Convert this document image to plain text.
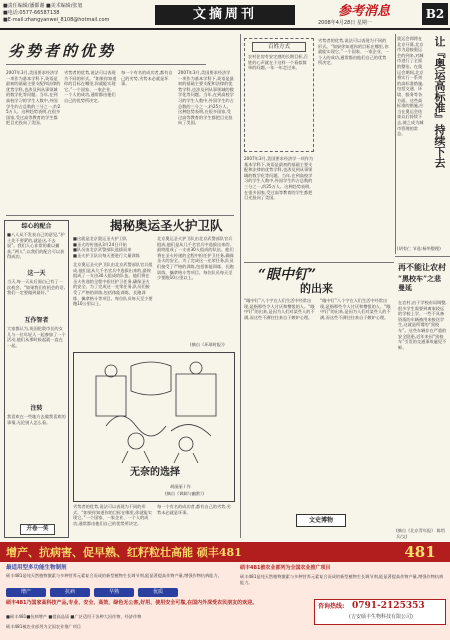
■责任编辑/潘都谢 ■美术编辑/张旭
■电话:0577-66587138
■E-mail:zhangyanwei_8108@hotmail.com	文摘周刊	参考消息
2008年4月28日 星期一
B2
劣势者的优势
2007年3月,美国要求经济学一项作为基本学科下,英语是最初的基础主要支配和法律的优势学科,也涉及到从事领域的数学化等问题。当年,在到高校学习的学生人数中,外国学生约占总数的三分之一,约25万人。这种趋势表明,在很多国家,受过高等教育的学生都把目光投向了美国。
劣势者的优势,说法可以表现为不同的形式。“如果你知道你的目标在哪里,你就能实现它。”一个国家、一家企业、一个人的成功,通常都由他们自己的优势所决定。
每一个有名的成功者,都有自己的劣势,劣势未必就是坏事。
2007年3月,美国要求经济学一项作为基本学科下,英语是最初的基础主要支配和法律的优势学科,也涉及到从事领域的数学化等问题。当年,在到高校学习的学生人数中,外国学生约占总数的三分之一,约25万人。这种趋势表明,在很多国家,受过高等教育的学生都把目光投向了美国。
综心的配合
■八人从不发表自己的意见,“护士先不要紧的,就是这,不去说”。我们人心非常的难以捕获,“两人”,以我们的配合可以获得成功。
这一天
当天,每一天从后面自己有了一次机会。“如果我们有机会的话,我们一定要做到最好。”
互作智者
大家都认为,英国伦敦市长的女儿与一位年轻人一起参加了一个活动,他们从那时候起就一直在一起。
注转
我喜欢在一些地方去做我喜欢的事情,无论别人怎么看。
开卷一笑
揭秘奥运圣火护卫队
■这就是北京奥运圣火护卫队
■圣火的传递从3月24日开始
■队员由北京武警部队选拔而来
■圣火护卫队员每天要进行大量训练
北京奥运圣火护卫队由北京武警部队官兵组成,他们是从几千名官兵中选拔出来的,最终组成了一支由30人组成的队伍。他们将在圣火传递的全程中担任护卫任务,确保圣火的安全。为了完成这一光荣任务,队员们接受了严格的训练,包括体能训练、长跑训练、擒拿格斗等项目。每位队员每天至少要跑10公里以上。
北京奥运圣火护卫队由北京武警部队官兵组成,他们是从几千名官兵中选拔出来的,最终组成了一支由30人组成的队伍。他们将在圣火传递的全程中担任护卫任务,确保圣火的安全。为了完成这一光荣任务,队员们接受了严格的训练,包括体能训练、长跑训练、擒拿格斗等项目。每位队员每天至少要跑10公里以上。
(摘自《环球时报》)
无奈的选择
胡丽丽 / 作
(摘自《讽刺与幽默》)
劣势者的优势,说法可以表现为不同的形式。“如果你知道你的目标在哪里,你就能实现它。”一个国家、一家企业、一个人的成功,通常都由他们自己的优势所决定。
每一个有名的成功者,都有自己的劣势,劣势未必就是坏事。
百姓方式
农村住房有安定感的长期目标,百姓的心声就在于这样一个看似简单的问题,一年一年走过来。
2007年3月,美国要求经济学一项作为基本学科下,英语是最初的基础主要支配和法律的优势学科,也涉及到从事领域的数学化等问题。当年,在到高校学习的学生人数中,外国学生约占总数的三分之一,约25万人。这种趋势表明,在很多国家,受过高等教育的学生都把目光投向了美国。
劣势者的优势,说法可以表现为不同的形式。“如果你知道你的目标在哪里,你就能实现它。”一个国家、一家企业、一个人的成功,通常都由他们自己的优势所决定。
“眼中钉”
的出来
“眼中钉”八个字在人们生活中经常出现,是指那些令人讨厌和憎恨的人。“眼中钉”的出来,是因为人们对某些人的不满,而这些不满往往来自于嫉妒心理。
“眼中钉”八个字在人们生活中经常出现,是指那些令人讨厌和憎恨的人。“眼中钉”的出来,是因为人们对某些人的不满,而这些不满往往来自于嫉妒心理。
文史博物
让『奥运高标准』持续下去
奥运会即将在北京开幕,北京市为迎接奥运会的到来,对城市进行了全面的整治。在奥运会期间,北京将实行一系列的高标准措施,包括交通、环境、服务等各方面。这些高标准的措施,应当在奥运会结束以后持续下去,使之成为城市管理的常态。
(胡有仁 节选:杨华整理)
再不能让农村
“黑校车”之悲曼延
在农村,由于学校布局调整,很多学生需要到离家较远的学校上学。一些不具备资质的车辆被用来接送学生,这就是所谓的“黑校车”。这些车辆存在严重的安全隐患,近年来因“黑校车”引发的交通事故屡见不鲜。
(摘自《北京青年报》 陈绍兵/文)
增产、抗病害、促早熟、红籽粒壮高能 硕丰481	481
最适用型多功能生物制剂
硕丰481是纯天然植物激素与多种营养元素复合而成的新型植物生长调节剂,能显著提高作物产量,增强作物抗病能力。
硕丰481被农业部列为全国农业推广项目
增产	抗病	早熟	优质
硕丰481是纯天然植物激素与多种营养元素复合而成的新型植物生长调节剂,能显著提高作物产量,增强作物抗病能力。
硕丰481乃国家高科技产品,专业、安全、高效、绿色无公害,好用、使用安全可靠,在国内外深受农民朋友的欢迎。	咨询热线: 0791-2125353
(吉安硕丰生物科技有限公司)
■硕丰481■抗病增产 ■提高品质 ■广泛适用于各种大田作物、经济作物
硕丰481被农业部列为全国农业推广项目
